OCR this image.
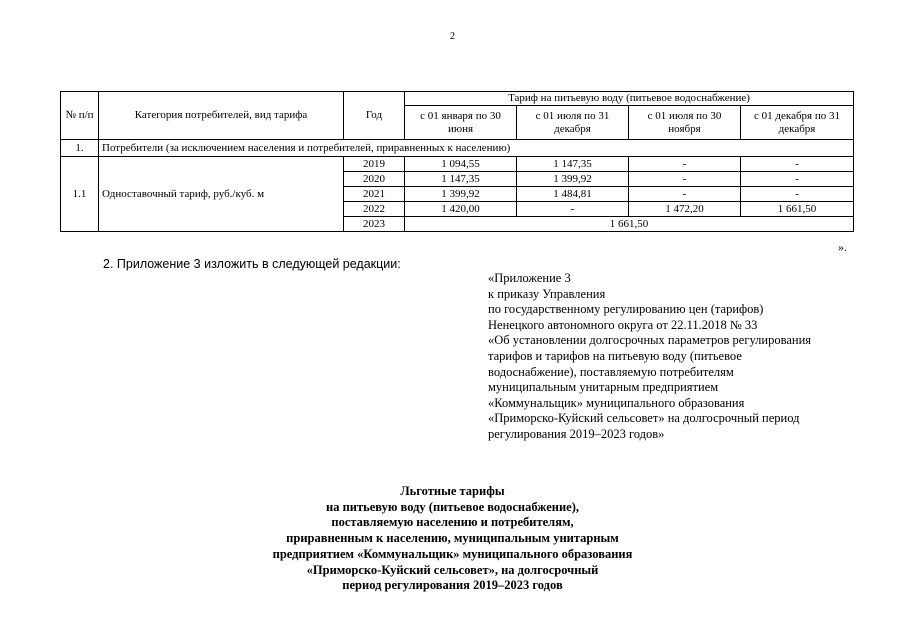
2
№ п/п	Категория потребителей, вид тарифа	Год	Тариф на питьевую воду (питьевое водоснабжение)			
			с 01 января по 30 июня	с 01 июля по 31 декабря	с 01 июля по 30 ноября	с 01 декабря по 31 декабря
1.	Потребители (за исключением населения и потребителей, приравненных к населению)					
1.1	Одноставочный тариф, руб./куб. м	2019	1 094,55	1 147,35	-	-
		2020	1 147,35	1 399,92	-	-
		2021	1 399,92	1 484,81	-	-
		2022	1 420,00	-	1 472,20	1 661,50
		2023	1 661,50			
».
2. Приложение 3 изложить в следующей редакции:
«Приложение 3
к приказу Управления
по государственному регулированию цен (тарифов)
Ненецкого автономного округа от 22.11.2018 № 33
«Об установлении долгосрочных параметров регулирования
тарифов и тарифов на питьевую воду (питьевое
водоснабжение), поставляемую потребителям
муниципальным унитарным предприятием
«Коммунальщик» муниципального образования
«Приморско-Куйский сельсовет» на долгосрочный период
регулирования 2019–2023 годов»
Льготные тарифы
на питьевую воду (питьевое водоснабжение),
поставляемую населению и потребителям,
приравненным к населению, муниципальным унитарным
предприятием «Коммунальщик» муниципального образования
«Приморско-Куйский сельсовет», на долгосрочный
период регулирования 2019–2023 годов
